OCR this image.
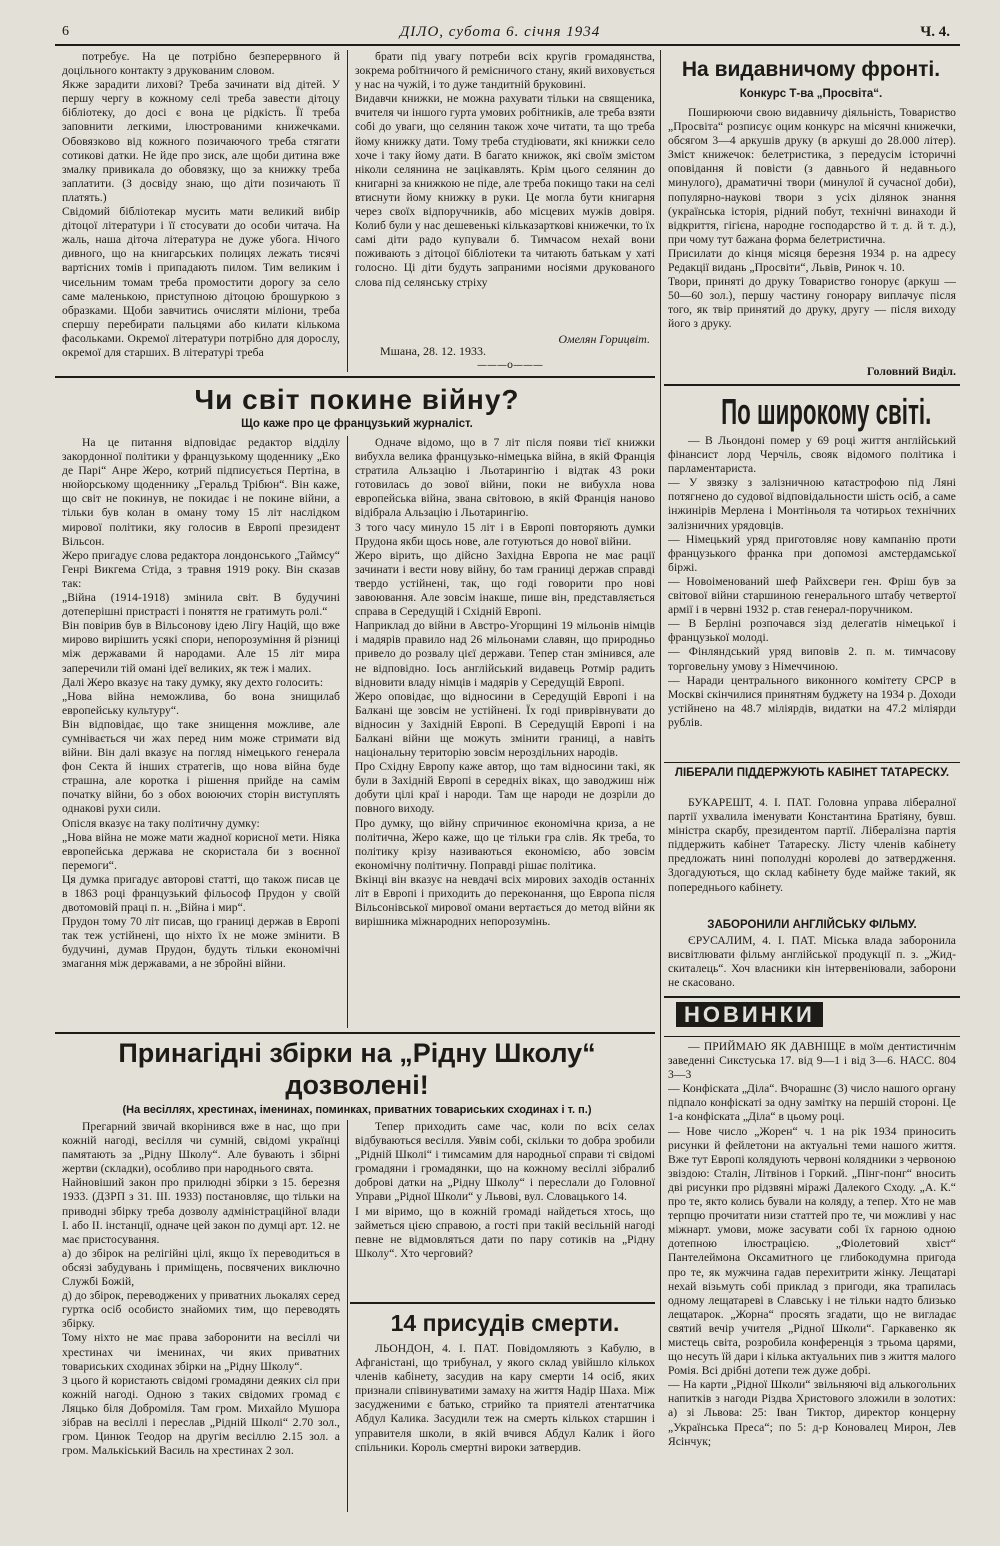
6	ДІЛО, субота 6. січня 1934	Ч. 4.

потребує. На це потрібно безперервного й доцільного контакту з друкованим словом.
Якже зарадити лихові? Треба зачинати від дітей. У першу чергу в кожному селі треба завести дітоцу бібліотеку, до досі є вона це рідкість. Її треба заповнити легкими, ілюстрованими книжечками. Обовязково від кожного позичаючого треба стягати сотикові датки. Не йде про зиск, але щоби дитина вже змалку привикала до обовязку, що за книжку треба заплатити. (З досвіду знаю, що діти позичають її платять.)
Свідомий бібліотекар мусить мати великий вибір дітоцої літератури і її стосувати до особи читача. На жаль, наша діточа література не дуже убога. Нічого дивного, що на книгарських полицях лежать тисячі вартісних томів і припадають пилом. Тим великим і чисельним томам треба промостити дорогу за село саме маленькою, приступною дітоцою брошуркою з образками. Щоби завчитись очисляти міліони, треба спершу перебирати пальцями або килати кількома фасольками. Окремої літератури потрібно для дорослу, окремої для старших. В літературі треба

брати під увагу потреби всіх кругів громадянства, зокрема робітничого й ремісничого стану, який виховується у нас на чужій, і то дуже тандитній бруковині.
Видавчи книжки, не можна рахувати тільки на священика, вчителя чи іншого гурта умових робітників, але треба взяти собі до уваги, що селянин також хоче читати, та що треба йому книжку дати. Тому треба студіювати, які книжки село хоче і таку йому дати. В багато книжок, які своїм змістом ніколи селянина не зацікавлять. Крім цього селянин до книгарні за книжкою не піде, але треба покищо таки на селі втиснути йому книжку в руки. Це могла бути книгарня через своїх відпоручників, або місцевих мужів довіря. Колиб були у нас дешевенькі кільказарткові книжечки, то їх самі діти радо купували б. Тимчасом нехай вони поживають з дітоцої бібліотеки та читають батькам у хаті голосно. Ці діти будуть запраними носіями друкованого слова під селянську стріху

Омелян Горицвіт.
Мшана, 28. 12. 1933.
———o———
Чи світ покине війну?
Що каже про це французький журналіст.

На це питання відповідає редактор відділу закордонної політики у французькому щоденнику „Еко де Парі“ Анре Жеро, котрий підписується Пертіна, в нюйорському щоденнику „Геральд Трібюн“. Він каже, що світ не покинув, не покидає і не покине війни, а тільки був колан в оману тому 15 літ наслідком мирової політики, яку голосив в Европі президент Вільсон.
Жеро пригадує слова редактора лондонського „Таймсу“ Генрі Викгема Стіда, з травня 1919 року. Він сказав так:
„Війна (1914-1918) змінила світ. В будучині дотеперішні пристрасті і поняття не гратимуть ролі.“
Він повірив був в Вільсонову ідею Лігу Націй, що вже мирово вирішить усякі спори, непорозуміння й різниці між державами й народами. Але 15 літ мира заперечили тій омані ідеї великих, як теж і малих.
Далі Жеро вказує на таку думку, яку дехто голосить:
„Нова війна неможлива, бо вона знищилаб европейську культуру“.
Він відповідає, що таке знищення можливе, але сумнівається чи жах перед ним може стримати від війни. Він далі вказує на погляд німецького генерала фон Секта й інших стратегів, що нова війна буде страшна, але коротка і рішення прийде на самім початку війни, бо з обох воюючих сторін виступлять однакові рухи сили.
Опісля вказує на таку політичну думку:
„Нова війна не може мати жадної корисної мети. Ніяка европейська держава не скористала би з воєнної перемоги“.
Ця думка пригадує авторові статті, що також писав це в 1863 році французький фільософ Прудон у своїй двотомовій праці п. н. „Війна і мир“.
Прудон тому 70 літ писав, що границі держав в Европі так теж устійнені, що ніхто їх не може змінити. В будучині, думав Прудон, будуть тільки економічні змагання між державами, а не збройні війни.

Одначе відомо, що в 7 літ після появи тієї книжки вибухла велика французько-німецька війна, в якій Франція стратила Альзацію і Льотарингію і відтак 43 роки готовилась до зової війни, поки не вибухла нова европейська війна, звана світовою, в якій Франція наново відібрала Альзацію і Льотарингію.
З того часу минуло 15 літ і в Европі повторяють думки Прудона якби щось нове, але готуються до нової війни.
Жеро вірить, що дійсно Західна Европа не має рації зачинати і вести нову війну, бо там границі держав справді твердо устійнені, так, що годі говорити про нові завоювання. Але зовсім інакше, пише він, представляється справа в Середущій і Східній Европі.
Наприклад до війни в Австро-Угорщині 19 мільонів німців і мадярів правило над 26 мільонами славян, що природньо привело до розвалу цієї держави. Тепер стан змінився, але не відповідно. Іось англійський видавець Ротмір радить відновити владу німців і мадярів у Середущій Европі.
Жеро оповідає, що відносини в Середущій Европі і на Балкані ще зовсім не устійнені. Їх годі приврівнувати до відносин у Західній Европі. В Середущій Европі і на Балкані війни ще можуть змінити границі, а навіть національну територію зовсім нероздільних народів.
Про Східну Европу каже автор, що там відносини такі, як були в Західній Европі в середніх віках, що заводжиш ніж добути цілі краї і народи. Там ще народи не дозріли до повного виходу.
Про думку, що війну спричинює економічна криза, а не політична, Жеро каже, що це тільки гра слів. Як треба, то політику крізу називаються економією, або зовсім економічну політичну. Поправді рішає політика.
Вкінці він вказує на невдачі всіх мирових заходів останніх літ в Европі і приходить до переконання, що Европа після Вільсонівської мирової омани вертається до метод війни як вирішника міжнародних непорозумінь.

Принагідні збірки на „Рідну Школу“
дозволені!
(На весіллях, хрестинах, іменинах, поминках, приватних товариських сходинах і т. п.)

Прегарний звичай вкорінився вже в нас, що при кожній нагоді, весілля чи сумній, свідомі українці памятають за „Рідну Школу“. Але бувають і збірні жертви (складки), особливо при народнього свята.
Найновіший закон про прилюдні збірки з 15. березня 1933. (ДЗРП з 31. ІІІ. 1933) постановляє, що тільки на приводні збірку треба дозволу адміністраційної влади І. або ІІ. інстанції, одначе цей закон по думці арт. 12. не має пристосування.
а) до збірок на релігійні цілі, якщо їх переводиться в обсязі забудувань і приміщень, посвячених виключно Службі Божій,
д) до збірок, переводжених у приватних льокалях серед гуртка осіб особисто знайомих тим, що переводять збірку.
Тому ніхто не має права заборонити на весіллі чи хрестинах чи іменинах, чи яких приватних товариських сходинах збірки на „Рідну Школу“.
З цього й користають свідомі громадяни деяких сіл при кожній нагоді. Одною з таких свідомих громад є Ляцько біля Доброміля. Там гром. Михайло Мушора зібрав на весіллі і переслав „Рідній Школі“ 2.70 зол., гром. Цинюк Теодор на другім весіллю 2.15 зол. а гром. Малькіський Василь на хрестинах 2 зол.

Тепер приходить саме час, коли по всіх селах відбуваються весілля. Уявім собі, скільки то добра зробили „Рідній Школі“ і тимсамим для народньої справи ті свідомі громадяни і громадянки, що на кожному весіллі зібралиб доброві датки на „Рідну Школу“ і переслали до Головної Управи „Рідної Школи“ у Львові, вул. Словацького 14.
І ми віримо, що в кожній громаді найдеться хтось, що займеться цією справою, а гості при такій весільній нагоді певне не відмовляться дати по пару сотиків на „Рідну Школу“. Хто черговий?

14 присудів смерти.

ЛЬОНДОН, 4. І. ПАТ. Повідомляють з Кабулю, в Афганістані, що трибунал, у якого склад увійшло кількох членів кабінету, засудив на кару смерти 14 осіб, яких признали співинуватими замаху на життя Надір Шаха. Між засудженими є батько, стрийко та приятелі атентатчика Абдул Калика. Засудили теж на смерть кількох старшин і управителя школи, в якій вчився Абдул Калик і його спільники. Король смертні вироки затвердив.

На видавничому фронті.
Конкурс Т-ва „Просвіта“.

Поширюючи свою видавничу діяльність, Товариство „Просвіта“ розписує оцим конкурс на місячні книжечки, обсягом 3—4 аркушів друку (в аркуші до 28.000 літер). Зміст книжечок: белетристика, з передусім історичні оповідання й повісти (з давнього й недавнього минулого), драматичні твори (минулої й сучасної доби), популярно-наукові твори з усіх ділянок знання (українська історія, рідний побут, технічні винаходи й відкриття, гігієна, народне господарство й т. д. й т. д.), при чому тут бажана форма белетристична.
Присилати до кінця місяця березня 1934 р. на адресу Редакції видань „Просвіти“, Львів, Ринок ч. 10.
Твори, приняті до друку Товариство гонорує (аркуш — 50—60 зол.), першу частину гонорару виплачує після того, як твір принятий до друку, другу — після виходу його з друку.

Головний Виділ.
По широкому світі.

— В Льондоні помер у 69 році життя англійський фінансист лорд Черчіль, свояк відомого політика і парламентариста.
— У звязку з залізничною катастрофою під Ляні потягнено до судової відповідальности шість осіб, а саме інжинірів Мерлена і Монтіньоля та чотирьох технічних залізничних урядовців.
— Німецький уряд приготовляє нову кампанію проти французького франка при допомозі амстердамської біржі.
— Новоіменований шеф Райхсвери ген. Фріш був за світової війни старшиною генерального штабу четвертої армії і в червні 1932 р. став генерал-поручником.
— В Берліні розпочався зізд делегатів німецької і французької молоді.
— Фінляндський уряд виповів 2. п. м. тимчасову торговельну умову з Німеччиною.
— Наради центрального виконного комітету СРСР в Москві скінчилися принятням буджету на 1934 р. Доходи устійнено на 48.7 міліярдів, видатки на 47.2 міліярди рублів.

ЛІБЕРАЛИ ПІДДЕРЖУЮТЬ КАБІНЕТ ТАТАРЕСКУ.

БУКАРЕШТ, 4. І. ПАТ. Головна управа лібералної партії ухвалила іменувати Константина Братіяну, бувш. міністра скарбу, президентом партії. Лібералізна партія піддержить кабінет Татареску. Лісту членів кабінету предложать нині пополудні королеві до затвердження. Здогадуються, що склад кабінету буде майже такий, як попереднього кабінету.

ЗАБОРОНИЛИ АНГЛІЙСЬКУ ФІЛЬМУ.

ЄРУСАЛИМ, 4. І. ПАТ. Міська влада заборонила висвітлювати фільму англійської продукції п. з. „Жид-скиталець“. Хоч власники кін інтервеніювали, заборони не скасовано.

НОВИНКИ

— ПРИЙМАЮ ЯК ДАВНІЩЕ в моїм дентистичнім заведенні Сикстуська 17. від 9—1 і від 3—6. НАСС. 804 3—3
— Конфіската „Діла“. Вчорашнє (3) число нашого органу підпало конфіскаті за одну замітку на першій стороні. Це 1-а конфіската „Діла“ в цьому році.
— Нове число „Жорен“ ч. 1 на рік 1934 приносить рисунки й фейлетони на актуальні теми нашого життя. Вже тут Европі колядують червоні колядники з червоною звіздою: Сталін, Літвінов і Горкий. „Пінг-понг“ вносить дві рисунки про рідзвяні міражі Далекого Сходу. „А. К.“ про те, якто колись бували на коляду, а тепер. Хто не мав терпцю прочитати низи статтей про те, чи можливі у нас міжнарт. умови, може засувати собі їх гарною одною дотепною ілюстрацією. „Фіолетовий хвіст“ Пантелеймона Оксамитного це глибокодумна пригода про те, як мужчина гадав перехитрити жінку. Лещатарі нехай візьмуть собі приклад з пригоди, яка трапилась одному лещатареві в Славську і не тільки надто близько лещатарок. „Жорна“ просять згадати, що не вигладає святий вечір учителя „Рідної Школи“. Гаркавенко як мистець світа, розробила конференція з трьома царями, що несуть їй дари і кілька актуальних пив з життя малого Ромія. Всі дрібні дотепи теж дуже добрі.
— На карти „Рідної Школи“ звільняючі від алькогольних напитків з нагоди Різдва Христового зложили в золотих: а) зі Львова: 25: Іван Тиктор, директор концерну „Українська Преса“; по 5: д-р Коновалец Мирон, Лев Ясінчук;
